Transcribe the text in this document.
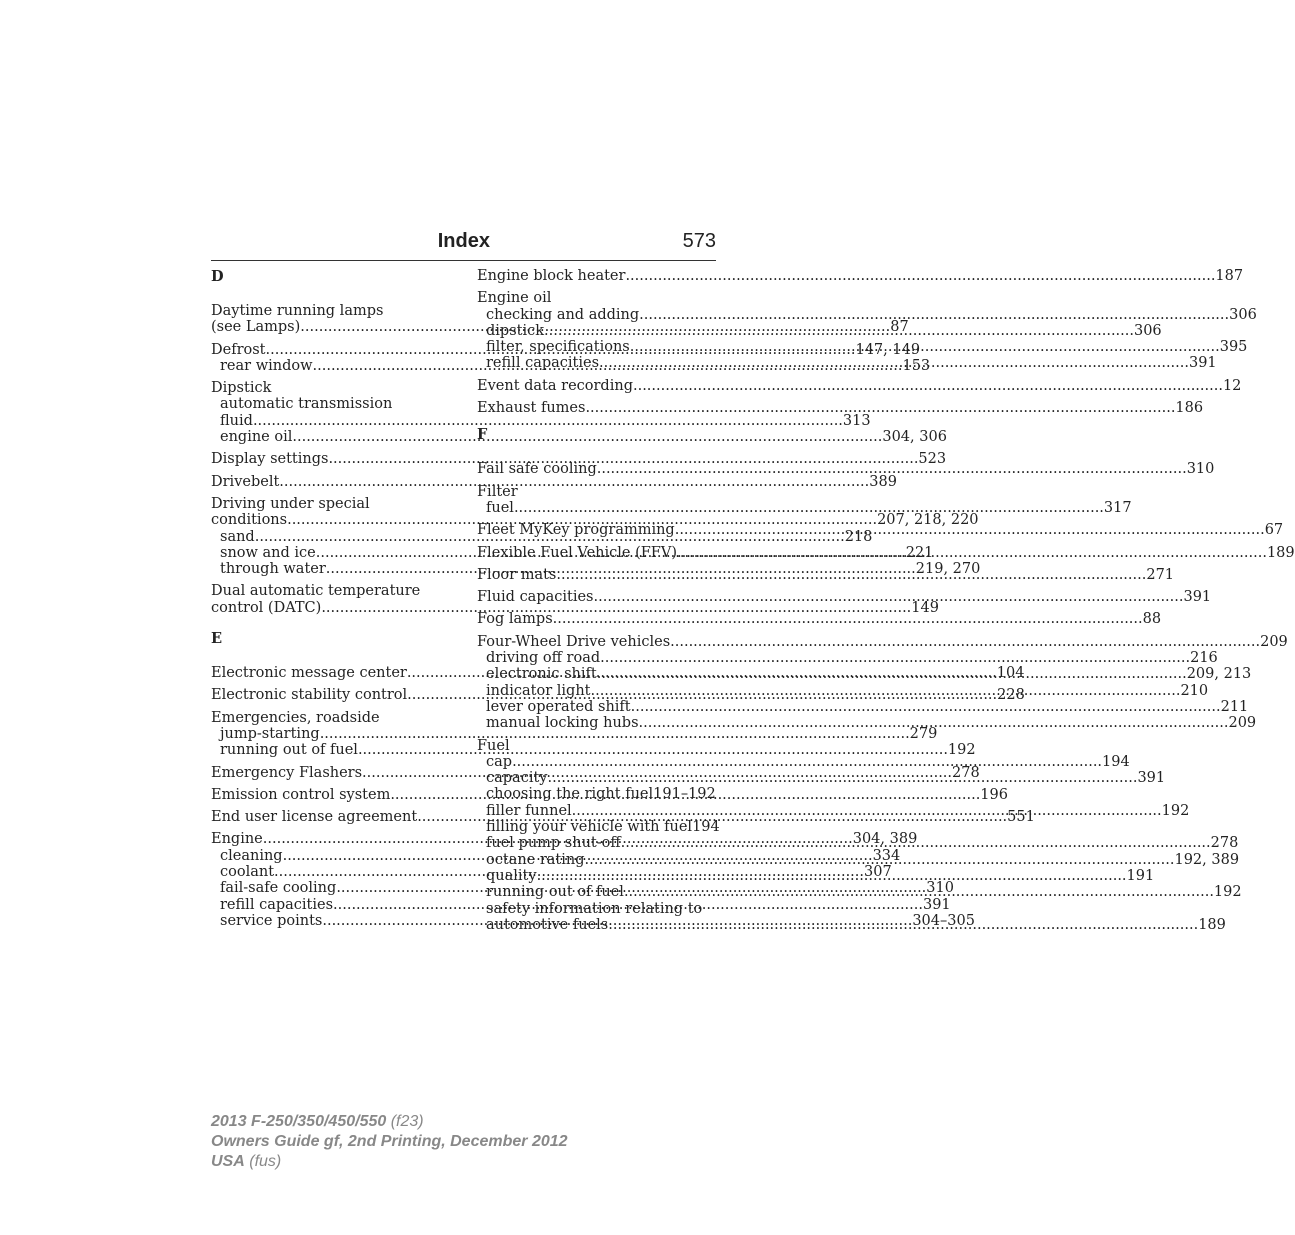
Index	573
D
Daytime running lamps
(see Lamps) .....	87
Defrost .....	147, 149
rear window .....	153
Dipstick
automatic transmission
fluid .....	313
engine oil .....	304, 306
Display settings .....	523
Drivebelt .....	389
Driving under special
conditions .....	207, 218, 220
sand .....	218
snow and ice .....	221
through water .....	219, 270
Dual automatic temperature
control (DATC) .....	149
E
Electronic message center .....	104
Electronic stability control .....	228
Emergencies, roadside
jump-starting .....	279
running out of fuel .....	192
Emergency Flashers .....	278
Emission control system .....	196
End user license agreement .....	551
Engine .....	304, 389
cleaning .....	334
coolant .....	307
fail-safe cooling .....	310
refill capacities .....	391
service points .....	304–305
Engine block heater .....	187
Engine oil
checking and adding .....	306
dipstick .....	306
filter, specifications .....	395
refill capacities .....	391
Event data recording .....	12
Exhaust fumes .....	186
F
Fail safe cooling .....	310
Filter
fuel .....	317
Fleet MyKey programming .....	67
Flexible Fuel Vehicle (FFV) .....	189
Floor mats .....	271
Fluid capacities .....	391
Fog lamps .....	88
Four-Wheel Drive vehicles .....	209
driving off road .....	216
electronic shift .....	209, 213
indicator light .....	210
lever operated shift .....	211
manual locking hubs .....	209
Fuel
cap .....	194
capacity .....	391
choosing the right fuel 191–192
filler funnel .....	192
filling your vehicle with fuel 194
fuel pump shut-off .....	278
octane rating .....	192, 389
quality .....	191
running out of fuel .....	192
safety information relating to
automotive fuels .....	189
2013 F-250/350/450/550 (f23)
Owners Guide gf, 2nd Printing, December 2012
USA (fus)
